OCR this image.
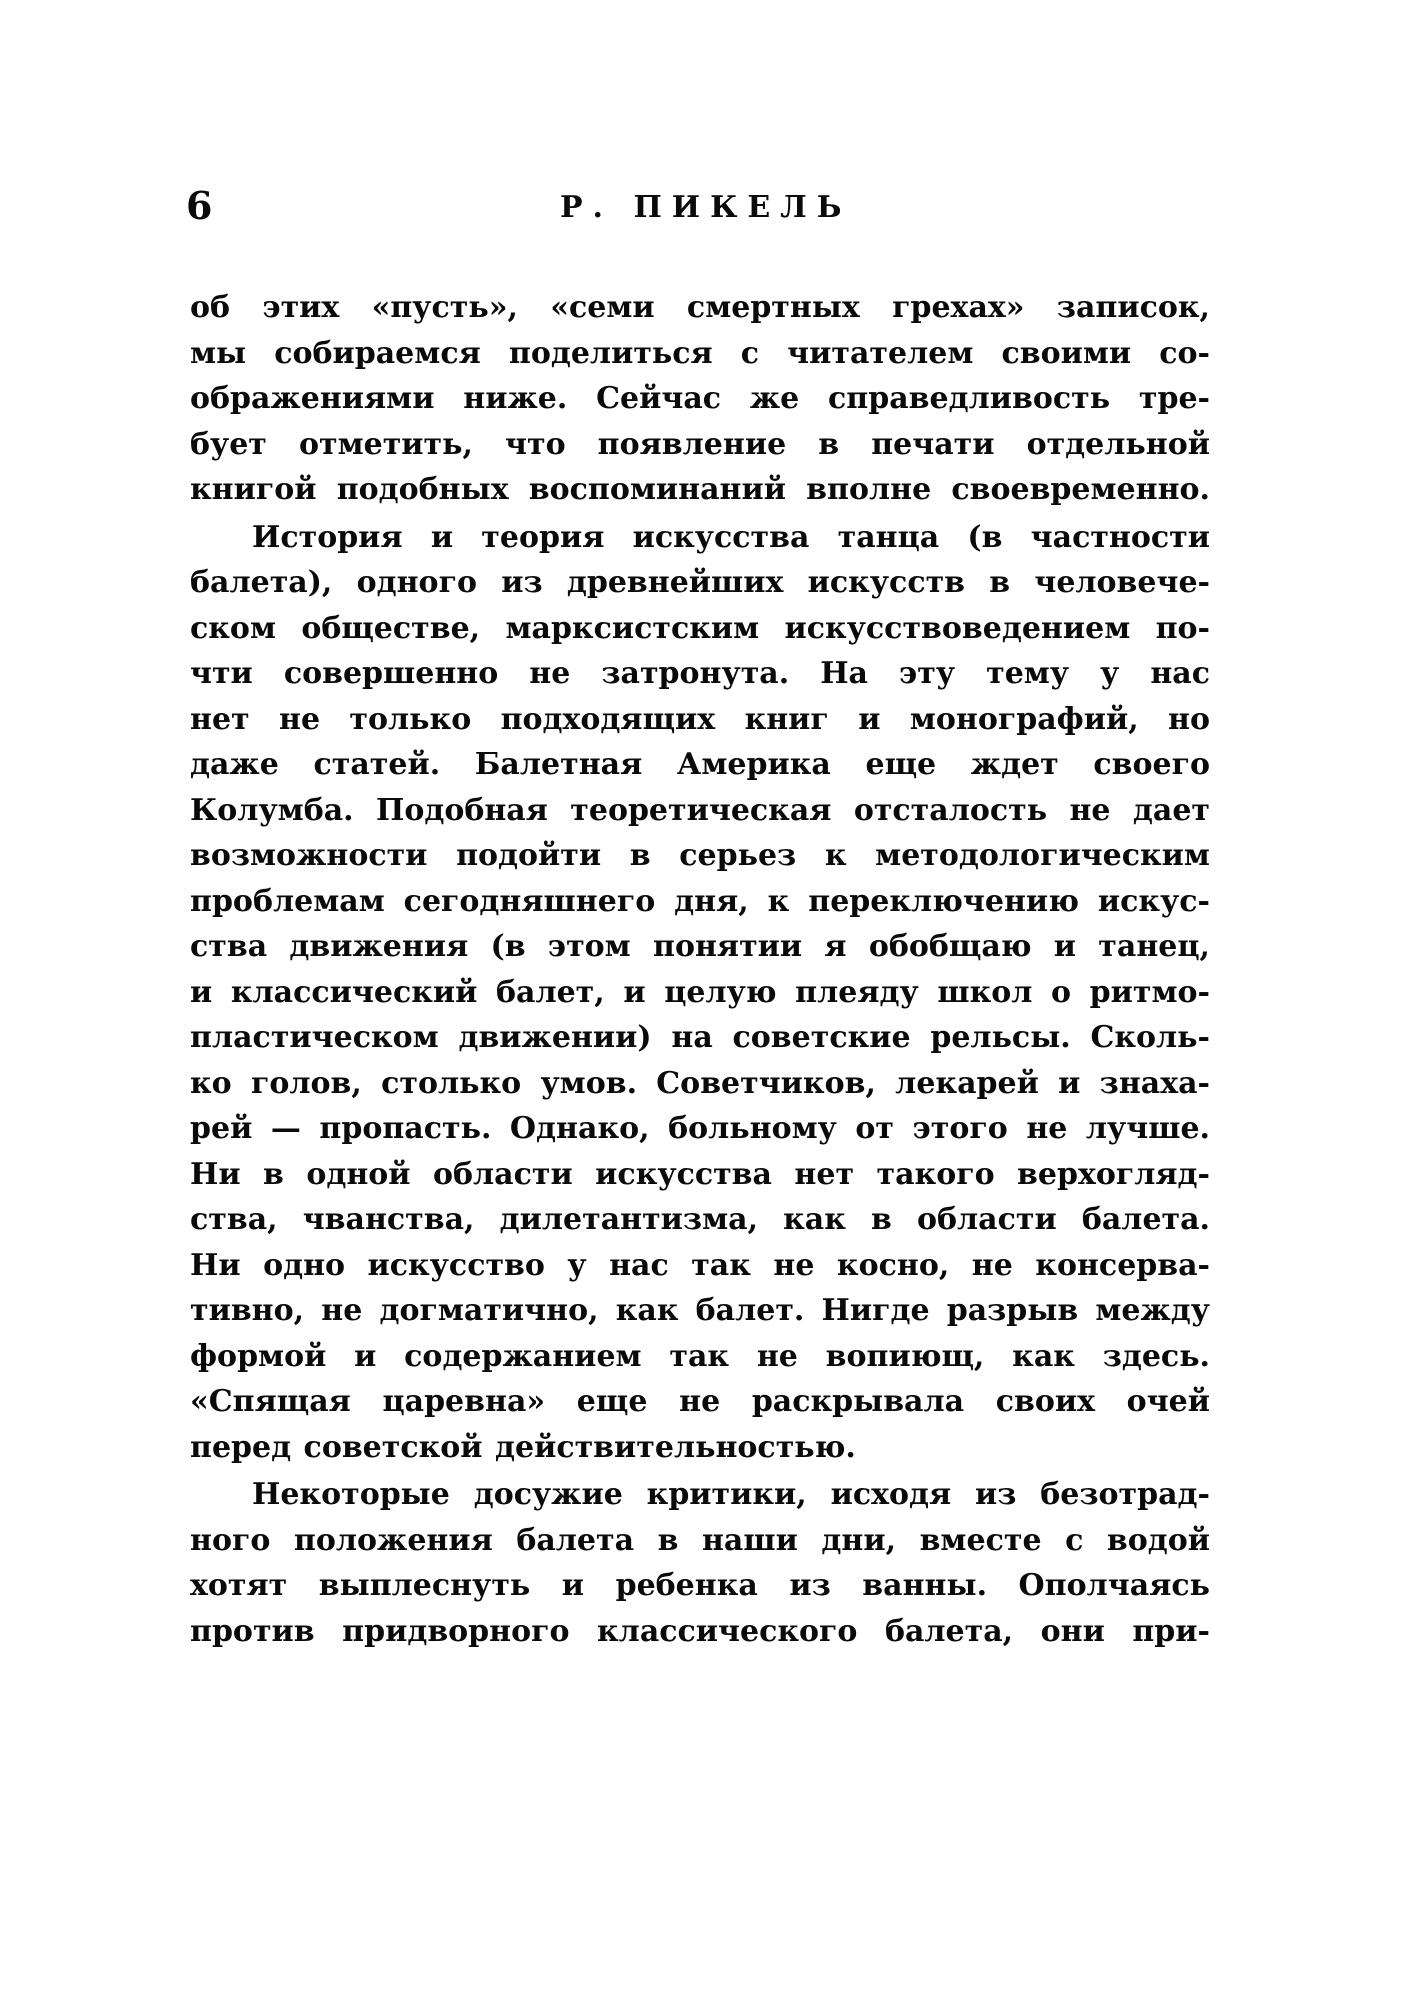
6	Р. ПИКЕЛЬ

об этих «пусть», «семи смертных грехах» записок,
мы собираемся поделиться с читателем своими со-
ображениями ниже. Сейчас же справедливость тре-
бует отметить, что появление в печати отдельной
книгой подобных воспоминаний вполне своевременно.

История и теория искусства танца (в частности
балета), одного из древнейших искусств в человече-
ском обществе, марксистским искусствоведением по-
чти совершенно не затронута. На эту тему у нас
нет не только подходящих книг и монографий, но
даже статей. Балетная Америка еще ждет своего
Колумба. Подобная теоретическая отсталость не дает
возможности подойти в серьез к методологическим
проблемам сегодняшнего дня, к переключению искус-
ства движения (в этом понятии я обобщаю и танец,
и классический балет, и целую плеяду школ о ритмо-
пластическом движении) на советские рельсы. Сколь-
ко голов, столько умов. Советчиков, лекарей и знаха-
рей — пропасть. Однако, больному от этого не лучше.
Ни в одной области искусства нет такого верхогляд-
ства, чванства, дилетантизма, как в области балета.
Ни одно искусство у нас так не косно, не консерва-
тивно, не догматично, как балет. Нигде разрыв между
формой и содержанием так не вопиющ, как здесь.
«Спящая царевна» еще не раскрывала своих очей
перед советской действительностью.

Некоторые досужие критики, исходя из безотрад-
ного положения балета в наши дни, вместе с водой
хотят выплеснуть и ребенка из ванны. Ополчаясь
против придворного классического балета, они при-
